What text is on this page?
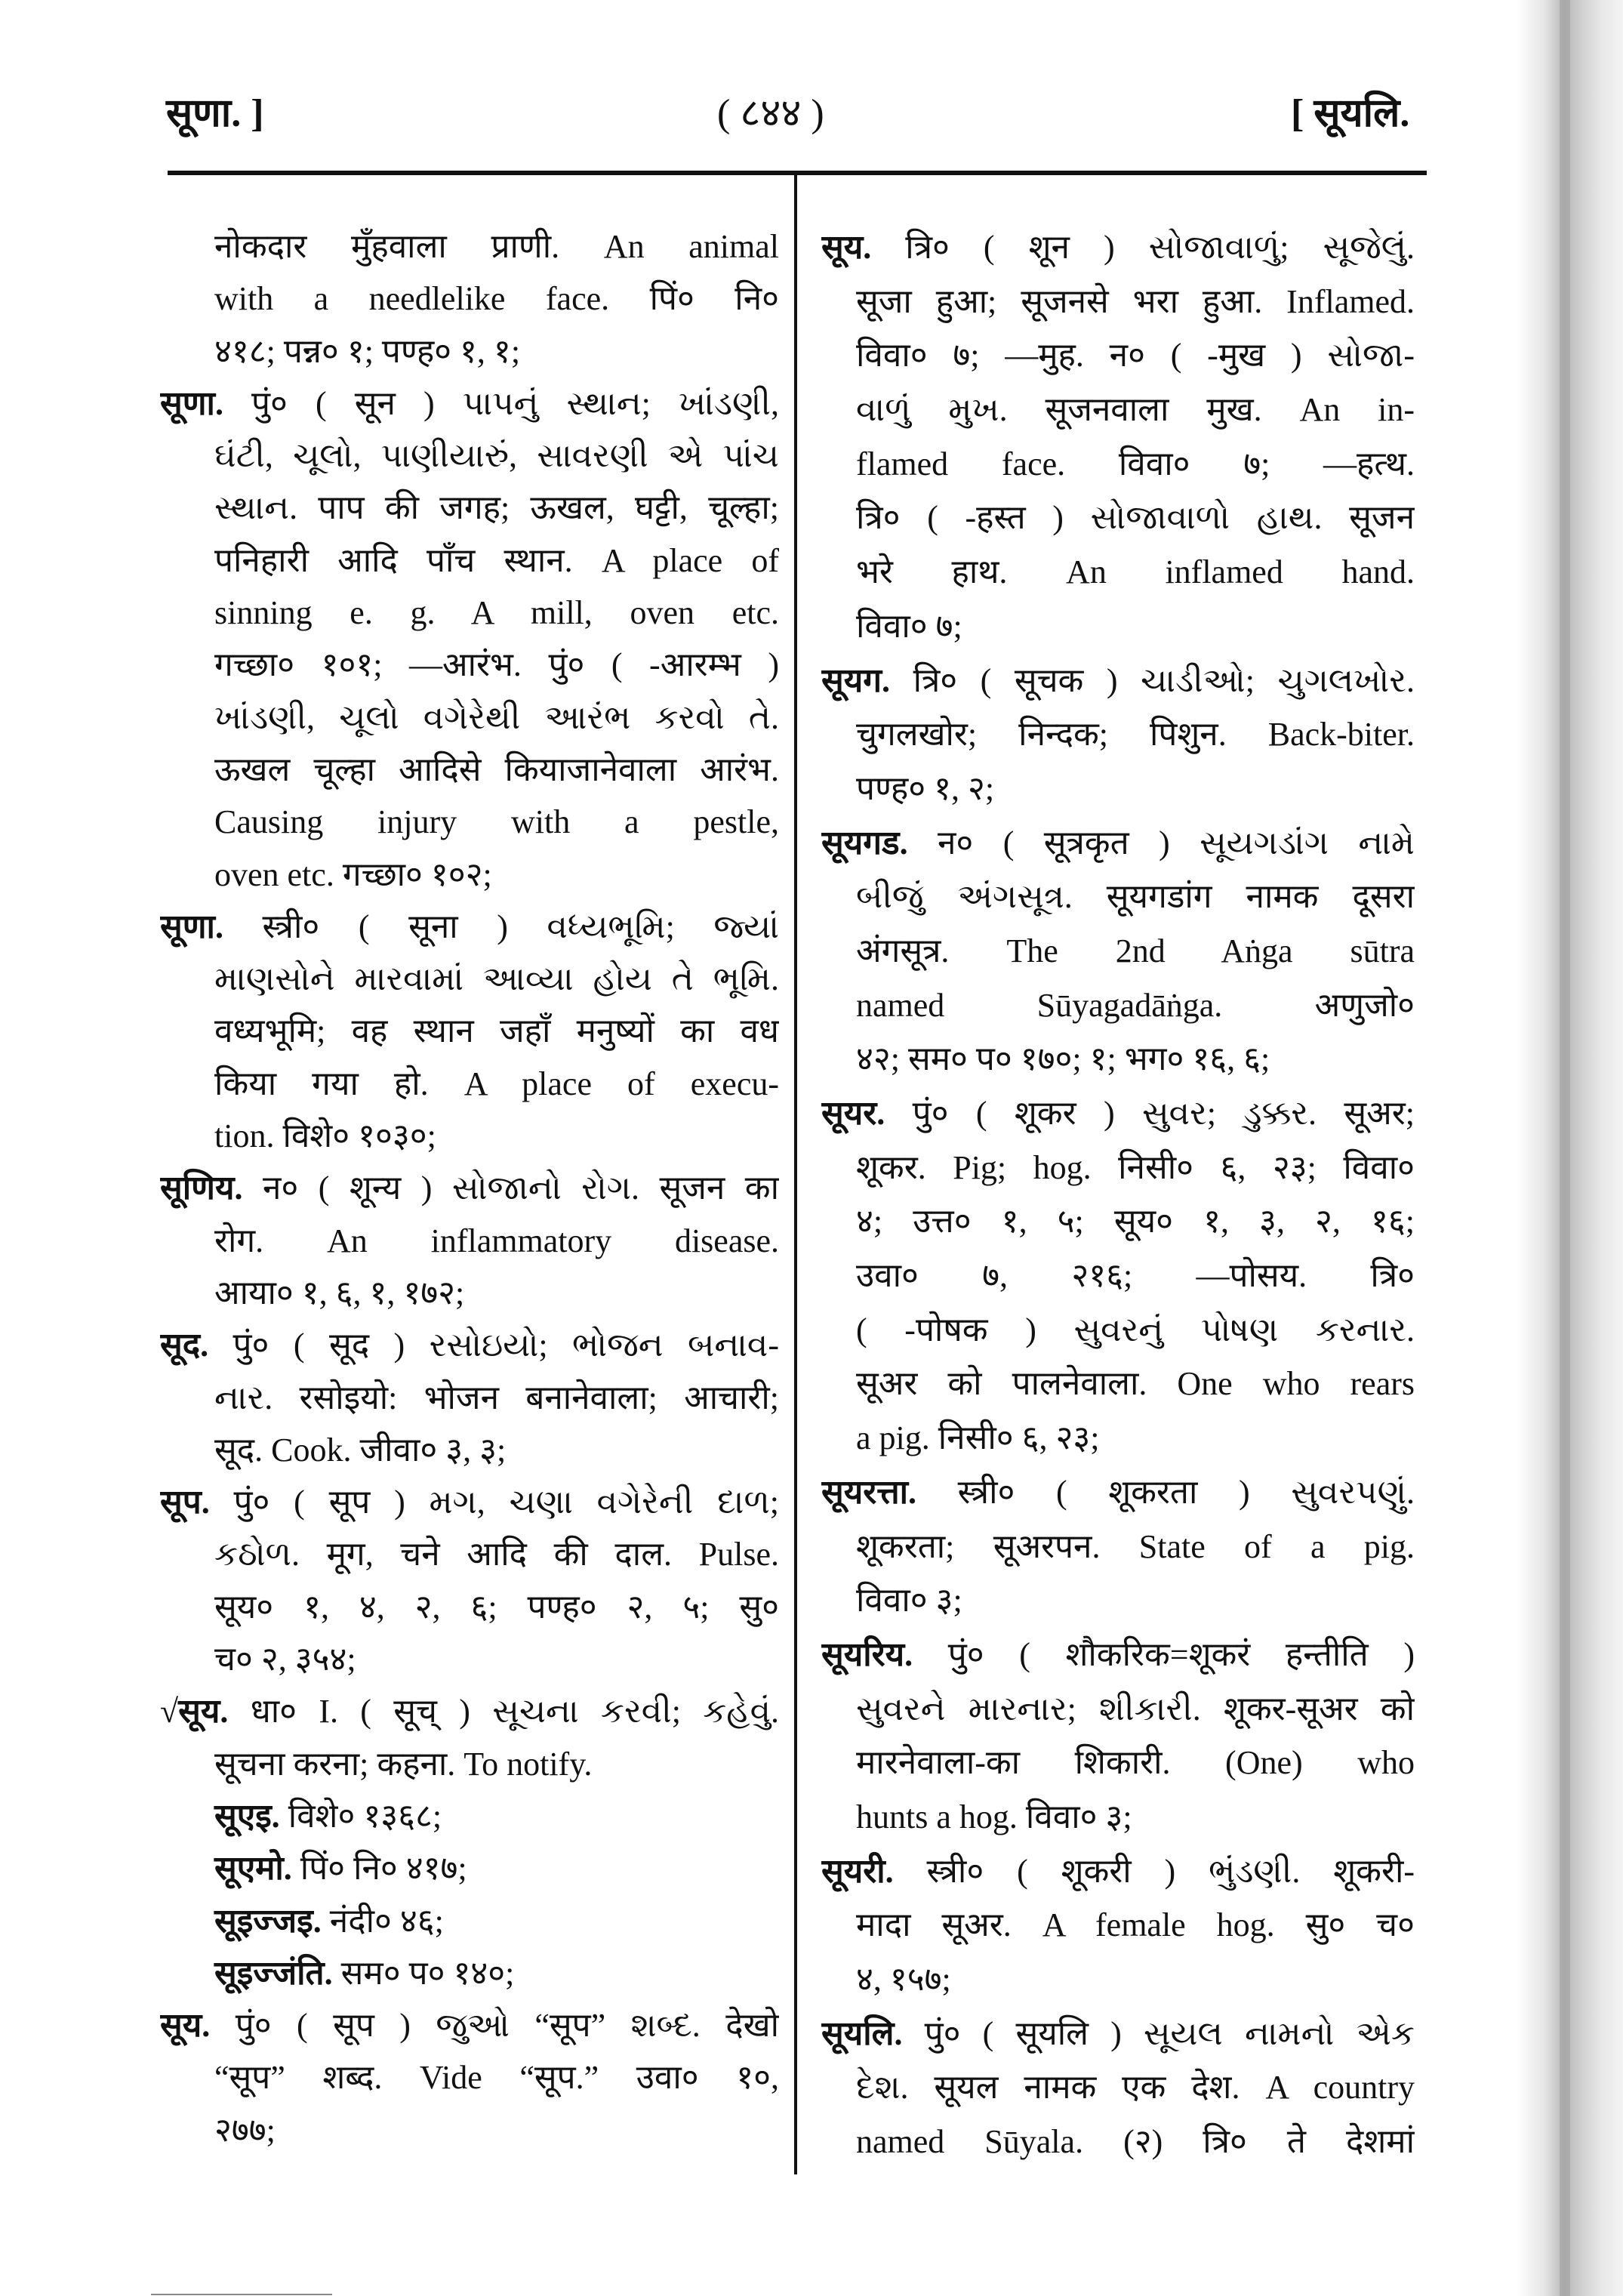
सूणा. ]	( ८४४ )	[ सूयलि.
नोकदार मुँहवाला प्राणी. An animal
with a needlelike face. पिं० नि०
४१८; पन्न० १; पण्ह० १, १;
सूणा. पुं० ( सून ) પાપનું સ્થાન; ખાંડણી,
ઘંટી, ચૂલો, પાણીયારું, સાવરણી એ પાંચ
સ્થાન. पाप की जगह; ऊखल, घट्टी, चूल्हा;
पनिहारी आदि पाँच स्थान. A place of
sinning e. g. A mill, oven etc.
गच्छा० १०१; —आरंभ. पुं० ( -आरम्भ )
ખાંડણી, ચૂલો વગેરેથી આરંભ કરવો તે.
ऊखल चूल्हा आदिसे कियाजानेवाला आरंभ.
Causing injury with a pestle,
oven etc. गच्छा० १०२;
सूणा. स्त्री० ( सूना ) વધ્યભૂમિ; જ્યાં
માણસોને મારવામાં આવ્યા હોય તે ભૂમિ.
वध्यभूमि; वह स्थान जहाँ मनुष्यों का वध
किया गया हो. A place of execu-
tion. विशे० १०३०;
सूणिय. न० ( शून्य ) સોજાનો રોગ. सूजन का
रोग. An inflammatory disease.
आया० १, ६, १, १७२;
सूद. पुं० ( सूद ) રસોઇયો; ભોજન બનાવ-
નાર. रसोइयो: भोजन बनानेवाला; आचारी;
सूद. Cook. जीवा० ३, ३;
सूप. पुं० ( सूप ) મગ, ચણા વગેરેની દાળ;
કઠોળ. मूग, चने आदि की दाल. Pulse.
सूय० १, ४, २, ६; पण्ह० २, ५; सु०
च० २, ३५४;
√सूय. धा० I. ( सूच् ) સૂચના કરવી; કહેવું.
सूचना करना; कहना. To notify.
सूएइ. विशे० १३६८;
सूएमो. पिं० नि० ४१७;
सूइज्जइ. नंदी० ४६;
सूइज्जंति. सम० प० १४०;
सूय. पुं० ( सूप ) જુઓ “सूप” શબ્દ. देखो
“सूप” शब्द. Vide “सूप.” उवा० १०,
२७७;
सूय. त्रि० ( शून ) સોજાવાળું; સૂજેલું.
सूजा हुआ; सूजनसे भरा हुआ. Inflamed.
विवा० ७; —मुह. न० ( -मुख ) સોજા-
વાળું મુખ. सूजनवाला मुख. An in-
flamed face. विवा० ७; —हत्थ.
त्रि० ( -हस्त ) સોજાવાળો હાથ. सूजन
भरे हाथ. An inflamed hand.
विवा० ७;
सूयग. त्रि० ( सूचक ) ચાડીઓ; ચુગલખોર.
चुगलखोर; निन्दक; पिशुन. Back-biter.
पण्ह० १, २;
सूयगड. न० ( सूत्रकृत ) સૂયગડાંગ નામે
બીજું અંગસૂત્ર. सूयगडांग नामक दूसरा
अंगसूत्र. The 2nd Aṅga sūtra
named Sūyagadāṅga. अणुजो०
४२; सम० प० १७०; १; भग० १६, ६;
सूयर. पुं० ( शूकर ) સુવર; ડુક્કર. सूअर;
शूकर. Pig; hog. निसी० ६, २३; विवा०
४; उत्त० १, ५; सूय० १, ३, २, १६;
उवा० ७, २१६; —पोसय. त्रि०
( -पोषक ) સુવરનું પોષણ કરનાર.
सूअर को पालनेवाला. One who rears
a pig. निसी० ६, २३;
सूयरत्ता. स्त्री० ( शूकरता ) સુવરપણું.
शूकरता; सूअरपन. State of a pig.
विवा० ३;
सूयरिय. पुं० ( शौकरिक=शूकरं हन्तीति )
સુવરને મારનાર; શીકારી. शूकर-सूअर को
मारनेवाला-का शिकारी. (One) who
hunts a hog. विवा० ३;
सूयरी. स्त्री० ( शूकरी ) ભુંડણી. शूकरी-
मादा सूअर. A female hog. सु० च०
४, १५७;
सूयलि. पुं० ( सूयलि ) સૂયલ નામનો એક
દેશ. सूयल नामक एक देश. A country
named Sūyala. (२) त्रि० ते देशमां
